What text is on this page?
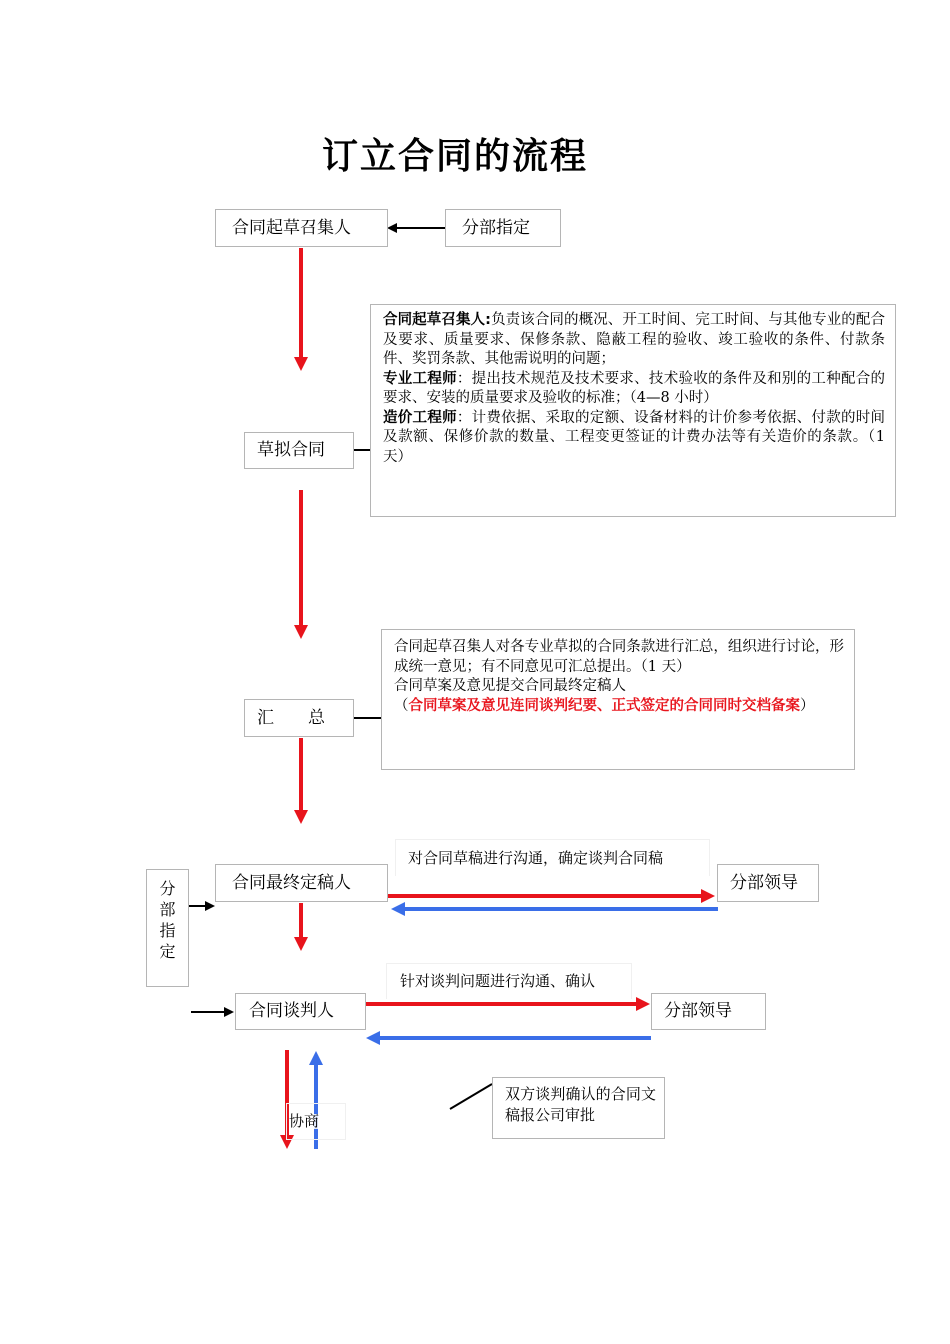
订立合同的流程
合同起草召集人	分部指定
草拟合同
汇　　总
合同最终定稿人	分部领导
合同谈判人	分部领导
分
部
指
定
合同起草召集人:负责该合同的概况、开工时间、完工时间、与其他专业的配合及要求、质量要求、保修条款、隐蔽工程的验收、竣工验收的条件、付款条件、奖罚条款、其他需说明的问题；
专业工程师：提出技术规范及技术要求、技术验收的条件及和别的工种配合的要求、安装的质量要求及验收的标准；（4—8 小时）
造价工程师：计费依据、采取的定额、设备材料的计价参考依据、付款的时间及款额、保修价款的数量、工程变更签证的计费办法等有关造价的条款。（1 天）
合同起草召集人对各专业草拟的合同条款进行汇总，组织进行讨论，形成统一意见；有不同意见可汇总提出。（1 天）
合同草案及意见提交合同最终定稿人
（合同草案及意见连同谈判纪要、正式签定的合同同时交档备案）
对合同草稿进行沟通，确定谈判合同稿
针对谈判问题进行沟通、确认
协商
双方谈判确认的合同文稿报公司审批
